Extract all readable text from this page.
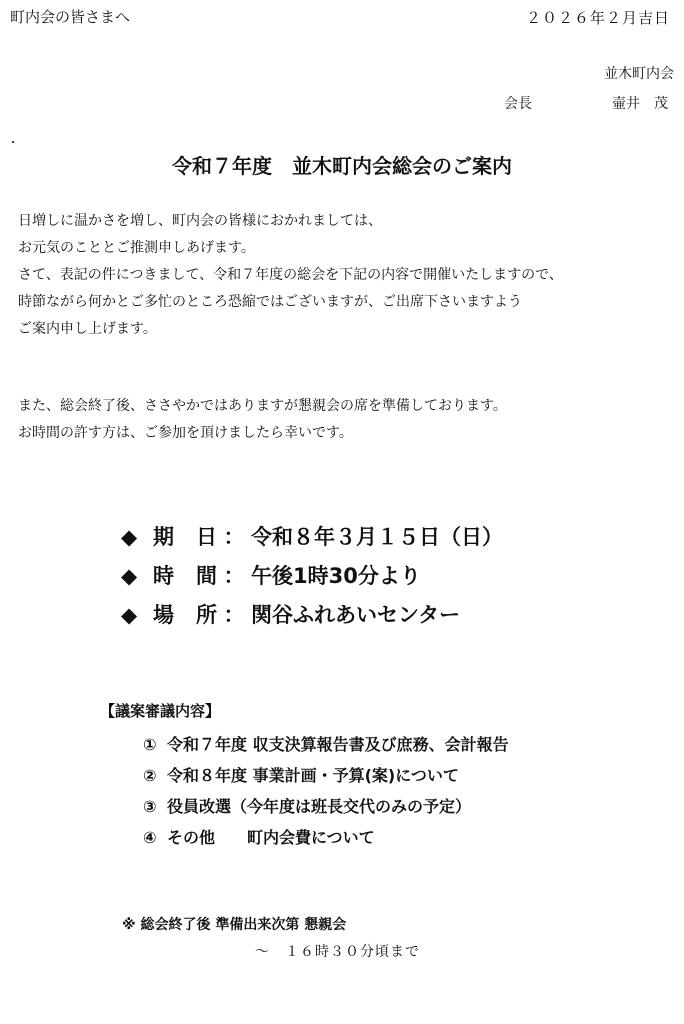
町内会の皆さまへ	２０２６年２月吉日
並木町内会
会長	壷井　茂
令和７年度　並木町内会総会のご案内
日増しに温かさを増し、町内会の皆様におかれましては、
お元気のこととご推測申しあげます。
さて、表記の件につきまして、令和７年度の総会を下記の内容で開催いたしますので、
時節ながら何かとご多忙のところ恐縮ではございますが、ご出席下さいますよう
ご案内申し上げます。
また、総会終了後、ささやかではありますが懇親会の席を準備しております。
お時間の許す方は、ご参加を頂けましたら幸いです。
◆ 期　日 ： 令和８年３月１５日（日）
◆ 時　間 ： 午後1時30分より
◆ 場　所 ： 関谷ふれあいセンター
【議案審議内容】
① 令和７年度 収支決算報告書及び庶務、会計報告
② 令和８年度 事業計画・予算(案)について
③ 役員改選（今年度は班長交代のみの予定）
④ その他　　町内会費について
※ 総会終了後 準備出来次第 懇親会
～　１６時３０分頃まで
